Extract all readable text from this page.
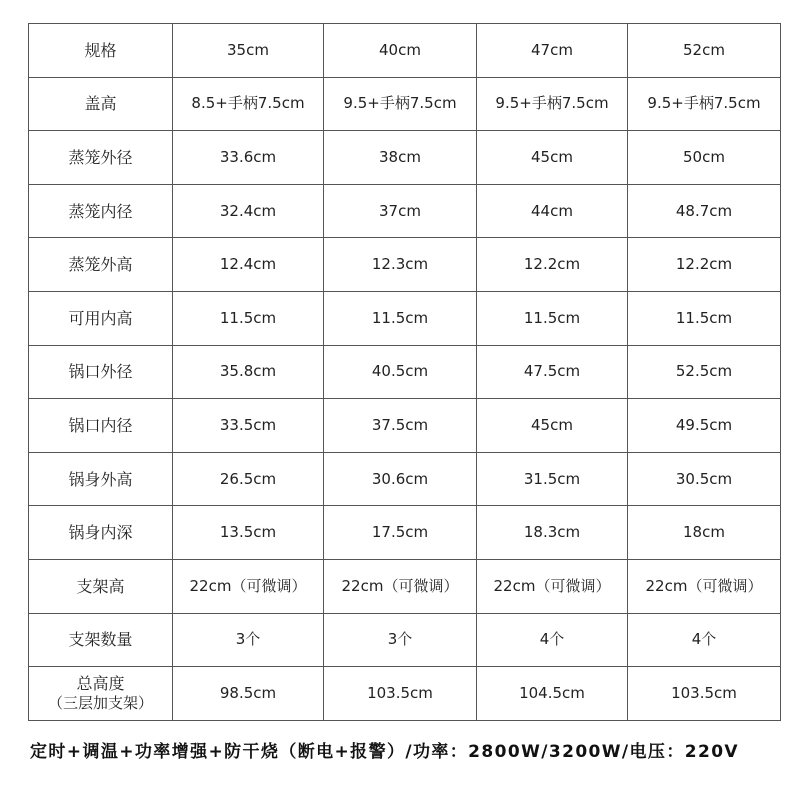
规格	35cm	40cm	47cm	52cm
盖高	8.5+手柄7.5cm	9.5+手柄7.5cm	9.5+手柄7.5cm	9.5+手柄7.5cm
蒸笼外径	33.6cm	38cm	45cm	50cm
蒸笼内径	32.4cm	37cm	44cm	48.7cm
蒸笼外高	12.4cm	12.3cm	12.2cm	12.2cm
可用内高	11.5cm	11.5cm	11.5cm	11.5cm
锅口外径	35.8cm	40.5cm	47.5cm	52.5cm
锅口内径	33.5cm	37.5cm	45cm	49.5cm
锅身外高	26.5cm	30.6cm	31.5cm	30.5cm
锅身内深	13.5cm	17.5cm	18.3cm	18cm
支架高	22cm（可微调）	22cm（可微调）	22cm（可微调）	22cm（可微调）
支架数量	3个	3个	4个	4个
总高度
（三层加支架）	98.5cm	103.5cm	104.5cm	103.5cm
定时+调温+功率增强+防干烧（断电+报警）/功率：2800W/3200W/电压：220V
